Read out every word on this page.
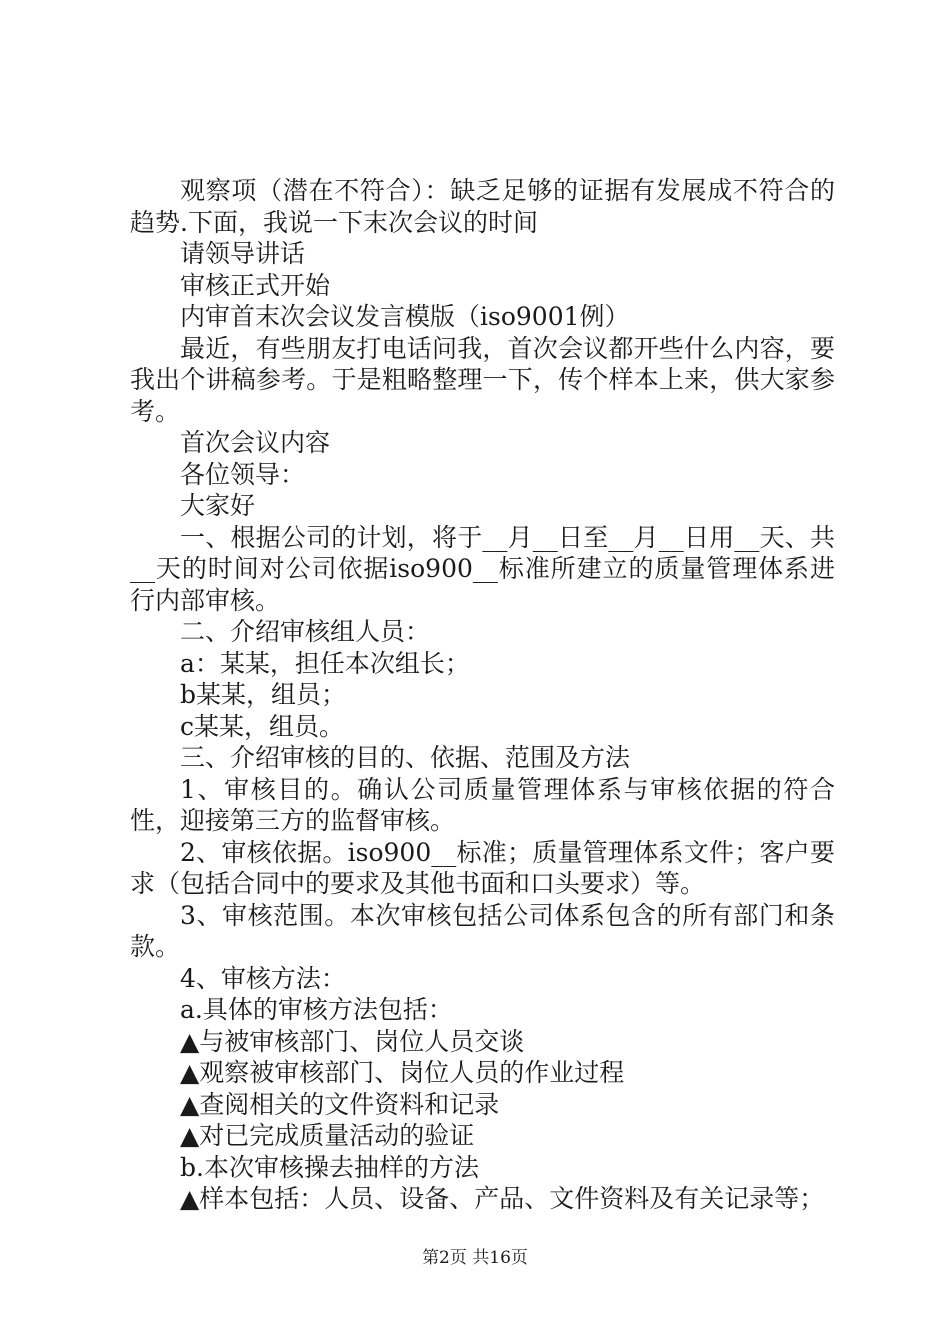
观察项（潜在不符合）：缺乏足够的证据有发展成不符合的趋势.下面，我说一下末次会议的时间

请领导讲话

审核正式开始

内审首末次会议发言模版（iso9001例）

最近，有些朋友打电话问我，首次会议都开些什么内容，要我出个讲稿参考。于是粗略整理一下，传个样本上来，供大家参考。

首次会议内容

各位领导：

大家好

一、根据公司的计划，将于__月__日至__月__日用__天、共__天的时间对公司依据iso900__标准所建立的质量管理体系进行内部审核。

二、介绍审核组人员：

a：某某，担任本次组长；

b某某，组员；

c某某，组员。

三、介绍审核的目的、依据、范围及方法

1、审核目的。确认公司质量管理体系与审核依据的符合性，迎接第三方的监督审核。

2、审核依据。iso900__标准；质量管理体系文件；客户要求（包括合同中的要求及其他书面和口头要求）等。

3、审核范围。本次审核包括公司体系包含的所有部门和条款。

4、审核方法：

a.具体的审核方法包括：

▲与被审核部门、岗位人员交谈

▲观察被审核部门、岗位人员的作业过程

▲查阅相关的文件资料和记录

▲对已完成质量活动的验证

b.本次审核操去抽样的方法

▲样本包括：人员、设备、产品、文件资料及有关记录等；

第2页 共16页
